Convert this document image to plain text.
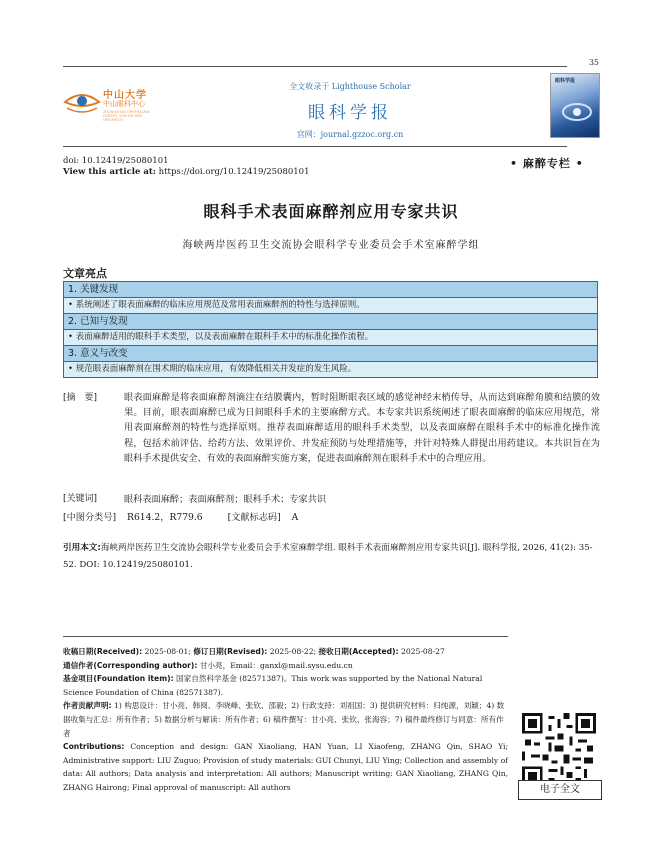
35
中山大学
中山眼科中心
ZHONGSHAN OPHTHALMIC CENTER, SUN YAT-SEN UNIVERSITY
全文收录于 Lighthouse Scholar
眼科学报
官网：journal.gzzoc.org.cn
眼科学报
doi: 10.12419/25080101
View this article at: https://doi.org/10.12419/25080101
• 麻醉专栏 •
眼科手术表面麻醉剂应用专家共识
海峡两岸医药卫生交流协会眼科学专业委员会手术室麻醉学组
文章亮点
1. 关键发现
• 系统阐述了眼表面麻醉的临床应用规范及常用表面麻醉剂的特性与选择原则。
2. 已知与发现
• 表面麻醉适用的眼科手术类型，以及表面麻醉在眼科手术中的标准化操作流程。
3. 意义与改变
• 规范眼表面麻醉剂在围术期的临床应用，有效降低相关并发症的发生风险。
[摘　要]	眼表面麻醉是将表面麻醉剂滴注在结膜囊内，暂时阻断眼表区域的感觉神经末梢传导，从而达到麻醉角膜和结膜的效果。目前，眼表面麻醉已成为日间眼科手术的主要麻醉方式。本专家共识系统阐述了眼表面麻醉的临床应用规范，常用表面麻醉剂的特性与选择原则。推荐表面麻醉适用的眼科手术类型，以及表面麻醉在眼科手术中的标准化操作流程，包括术前评估、给药方法、效果评价、并发症预防与处理措施等，并针对特殊人群提出用药建议。本共识旨在为眼科手术提供安全、有效的表面麻醉实施方案，促进表面麻醉剂在眼科手术中的合理应用。
[关键词]	眼科表面麻醉；表面麻醉剂；眼科手术；专家共识
[中图分类号] R614.2，R779.6	[文献标志码] A
引用本文:海峡两岸医药卫生交流协会眼科学专业委员会手术室麻醉学组. 眼科手术表面麻醉剂应用专家共识[J]. 眼科学报, 2026, 41(2): 35-52. DOI: 10.12419/25080101.
收稿日期(Received): 2025-08-01; 修订日期(Revised): 2025-08-22; 接收日期(Accepted): 2025-08-27
通信作者(Corresponding author): 甘小亮，Email：ganxl@mail.sysu.edu.cn
基金项目(Foundation item): 国家自然科学基金 (82571387)。This work was supported by the National Natural Science Foundation of China (82571387).
作者贡献声明: 1) 构思设计：甘小亮、韩阅、李晓峰、张钦、邵毅；2) 行政支持：刘祖国；3) 提供研究材料：归纯源，刘颖；4) 数据收集与汇总：所有作者；5) 数据分析与解读：所有作者；6) 稿件撰写：甘小亮、张钦、张海容；7) 稿件最终修订与同意：所有作者
Contributions: Conception and design: GAN Xiaoliang, HAN Yuan, LI Xiaofeng, ZHANG Qin, SHAO Yi; Administrative support: LIU Zuguo; Provision of study materials: GUI Chunyi, LIU Ying; Collection and assembly of data: All authors; Data analysis and interpretation: All authors; Manuscript writing: GAN Xiaoliang, ZHANG Qin, ZHANG Hairong; Final approval of manuscript: All authors	电子全文
